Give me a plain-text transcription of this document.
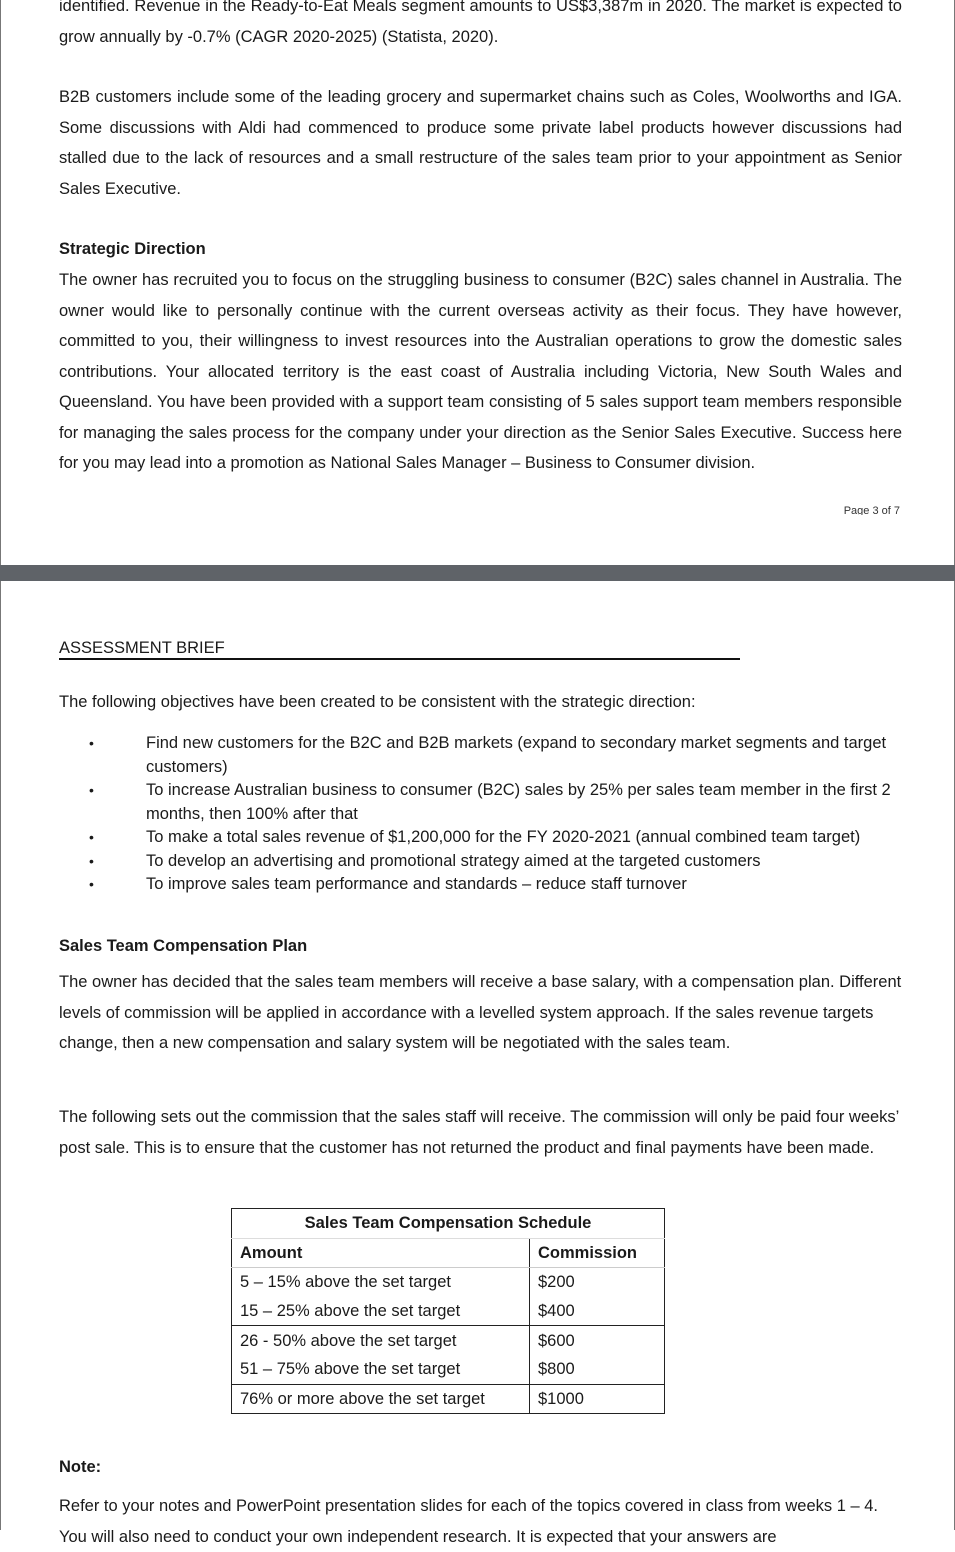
identified. Revenue in the Ready-to-Eat Meals segment amounts to US$3,387m in 2020. The market is expected to grow annually by -0.7% (CAGR 2020-2025) (Statista, 2020).

B2B customers include some of the leading grocery and supermarket chains such as Coles, Woolworths and IGA. Some discussions with Aldi had commenced to produce some private label products however discussions had stalled due to the lack of resources and a small restructure of the sales team prior to your appointment as Senior Sales Executive.

Strategic Direction

The owner has recruited you to focus on the struggling business to consumer (B2C) sales channel in Australia. The owner would like to personally continue with the current overseas activity as their focus. They have however, committed to you, their willingness to invest resources into the Australian operations to grow the domestic sales contributions. Your allocated territory is the east coast of Australia including Victoria, New South Wales and Queensland. You have been provided with a support team consisting of 5 sales support team members responsible for managing the sales process for the company under your direction as the Senior Sales Executive. Success here for you may lead into a promotion as National Sales Manager – Business to Consumer division.

Page 3 of 7
ASSESSMENT BRIEF

The following objectives have been created to be consistent with the strategic direction:

•	Find new customers for the B2C and B2B markets (expand to secondary market segments and target customers)
•	To increase Australian business to consumer (B2C) sales by 25% per sales team member in the first 2 months, then 100% after that
•	To make a total sales revenue of $1,200,000 for the FY 2020-2021 (annual combined team target)
•	To develop an advertising and promotional strategy aimed at the targeted customers
•	To improve sales team performance and standards – reduce staff turnover

Sales Team Compensation Plan

The owner has decided that the sales team members will receive a base salary, with a compensation plan. Different levels of commission will be applied in accordance with a levelled system approach. If the sales revenue targets change, then a new compensation and salary system will be negotiated with the sales team.

The following sets out the commission that the sales staff will receive. The commission will only be paid four weeks’ post sale. This is to ensure that the customer has not returned the product and final payments have been made.

Sales Team Compensation Schedule	
Amount	Commission
5 – 15% above the set target	$200
15 – 25% above the set target	$400
26 - 50% above the set target	$600
51 – 75% above the set target	$800
76% or more above the set target	$1000

Note:

Refer to your notes and PowerPoint presentation slides for each of the topics covered in class from weeks 1 – 4. You will also need to conduct your own independent research. It is expected that your answers are
